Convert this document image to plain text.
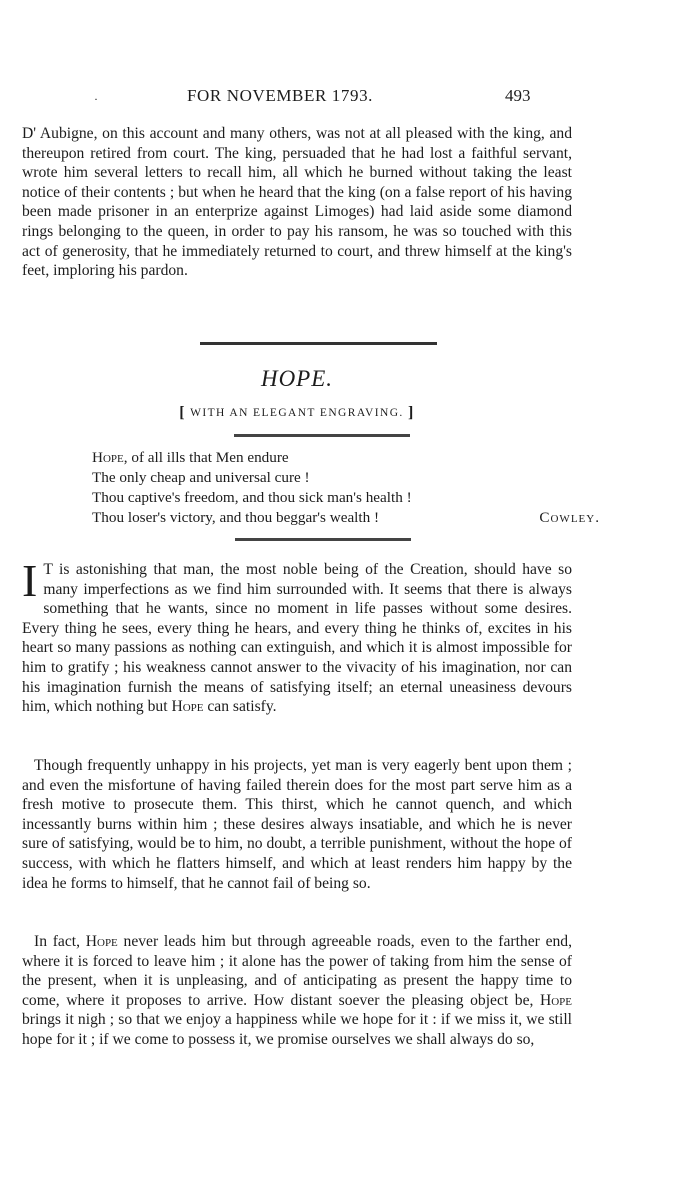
·	FOR NOVEMBER 1793.	493

D' Aubigne, on this account and many others, was not at all pleased with the king, and thereupon retired from court. The king, persuaded that he had lost a faithful servant, wrote him several letters to recall him, all which he burned without taking the least notice of their contents ; but when he heard that the king (on a false report of his having been made prisoner in an enterprize against Limoges) had laid aside some diamond rings belonging to the queen, in order to pay his ransom, he was so touched with this act of generosity, that he immediately returned to court, and threw himself at the king's feet, imploring his pardon.

HOPE.
[ WITH AN ELEGANT ENGRAVING. ]
Hope, of all ills that Men endure
The only cheap and universal cure !
Thou captive's freedom, and thou sick man's health !
Thou loser's victory, and thou beggar's wealth !	Cowley.

I T is astonishing that man, the most noble being of the Creation, should have so many imperfections as we find him surrounded with. It seems that there is always something that he wants, since no moment in life passes without some desires. Every thing he sees, every thing he hears, and every thing he thinks of, excites in his heart so many passions as nothing can extinguish, and which it is almost impossible for him to gratify ; his weakness cannot answer to the vivacity of his imagination, nor can his imagination furnish the means of satisfying itself; an eternal uneasiness devours him, which nothing but Hope can satisfy.

Though frequently unhappy in his projects, yet man is very eagerly bent upon them ; and even the misfortune of having failed therein does for the most part serve him as a fresh motive to prosecute them. This thirst, which he cannot quench, and which incessantly burns within him ; these desires always insatiable, and which he is never sure of satisfying, would be to him, no doubt, a terrible punishment, without the hope of success, with which he flatters himself, and which at least renders him happy by the idea he forms to himself, that he cannot fail of being so.

In fact, Hope never leads him but through agreeable roads, even to the farther end, where it is forced to leave him ; it alone has the power of taking from him the sense of the present, when it is unpleasing, and of anticipating as present the happy time to come, where it proposes to arrive. How distant soever the pleasing object be, Hope brings it nigh ; so that we enjoy a happiness while we hope for it : if we miss it, we still hope for it ; if we come to possess it, we promise ourselves we shall always do so,
